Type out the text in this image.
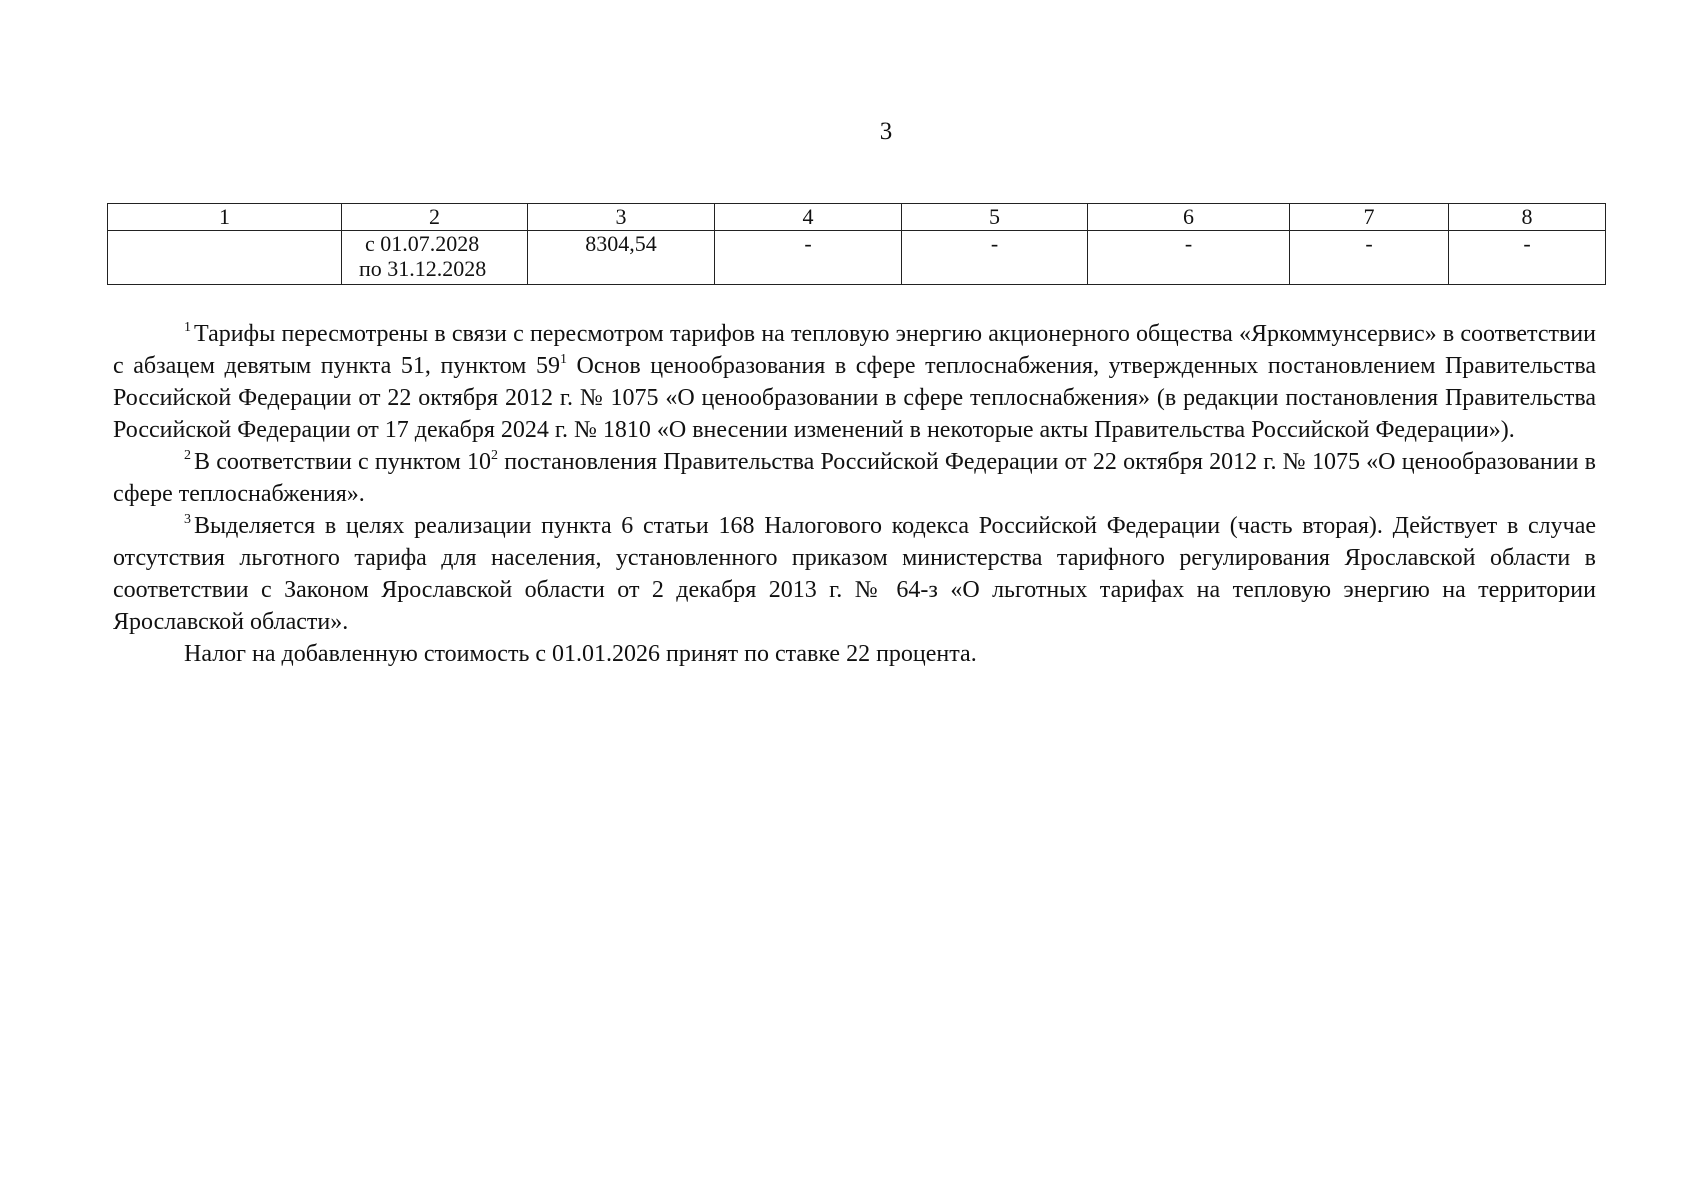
3
1	2	3	4	5	6	7	8

	с 01.07.2028
по 31.12.2028	8304,54	-	-	-	-	-

$^1$ Тарифы пересмотрены в связи с пересмотром тарифов на тепловую энергию акционерного общества «Яркоммунсервис» в соответствии с абзацем девятым пункта 51, пунктом $59^1$ Основ ценообразования в сфере теплоснабжения, утвержденных постановлением Правительства Российской Федерации от 22 октября 2012 г. № 1075 «О ценообразовании в сфере теплоснабжения» (в редакции постановления Правительства Российской Федерации от 17 декабря 2024 г. № 1810 «О внесении изменений в некоторые акты Правительства Российской Федерации»).

$^2$ В соответствии с пунктом $10^2$ постановления Правительства Российской Федерации от 22 октября 2012 г. № 1075 «О ценообразовании в сфере теплоснабжения».

$^3$ Выделяется в целях реализации пункта 6 статьи 168 Налогового кодекса Российской Федерации (часть вторая). Действует в случае отсутствия льготного тарифа для населения, установленного приказом министерства тарифного регулирования Ярославской области в соответствии с Законом Ярославской области от 2 декабря 2013 г. № 64-з «О льготных тарифах на тепловую энергию на территории Ярославской области».

Налог на добавленную стоимость с 01.01.2026 принят по ставке 22 процента.
